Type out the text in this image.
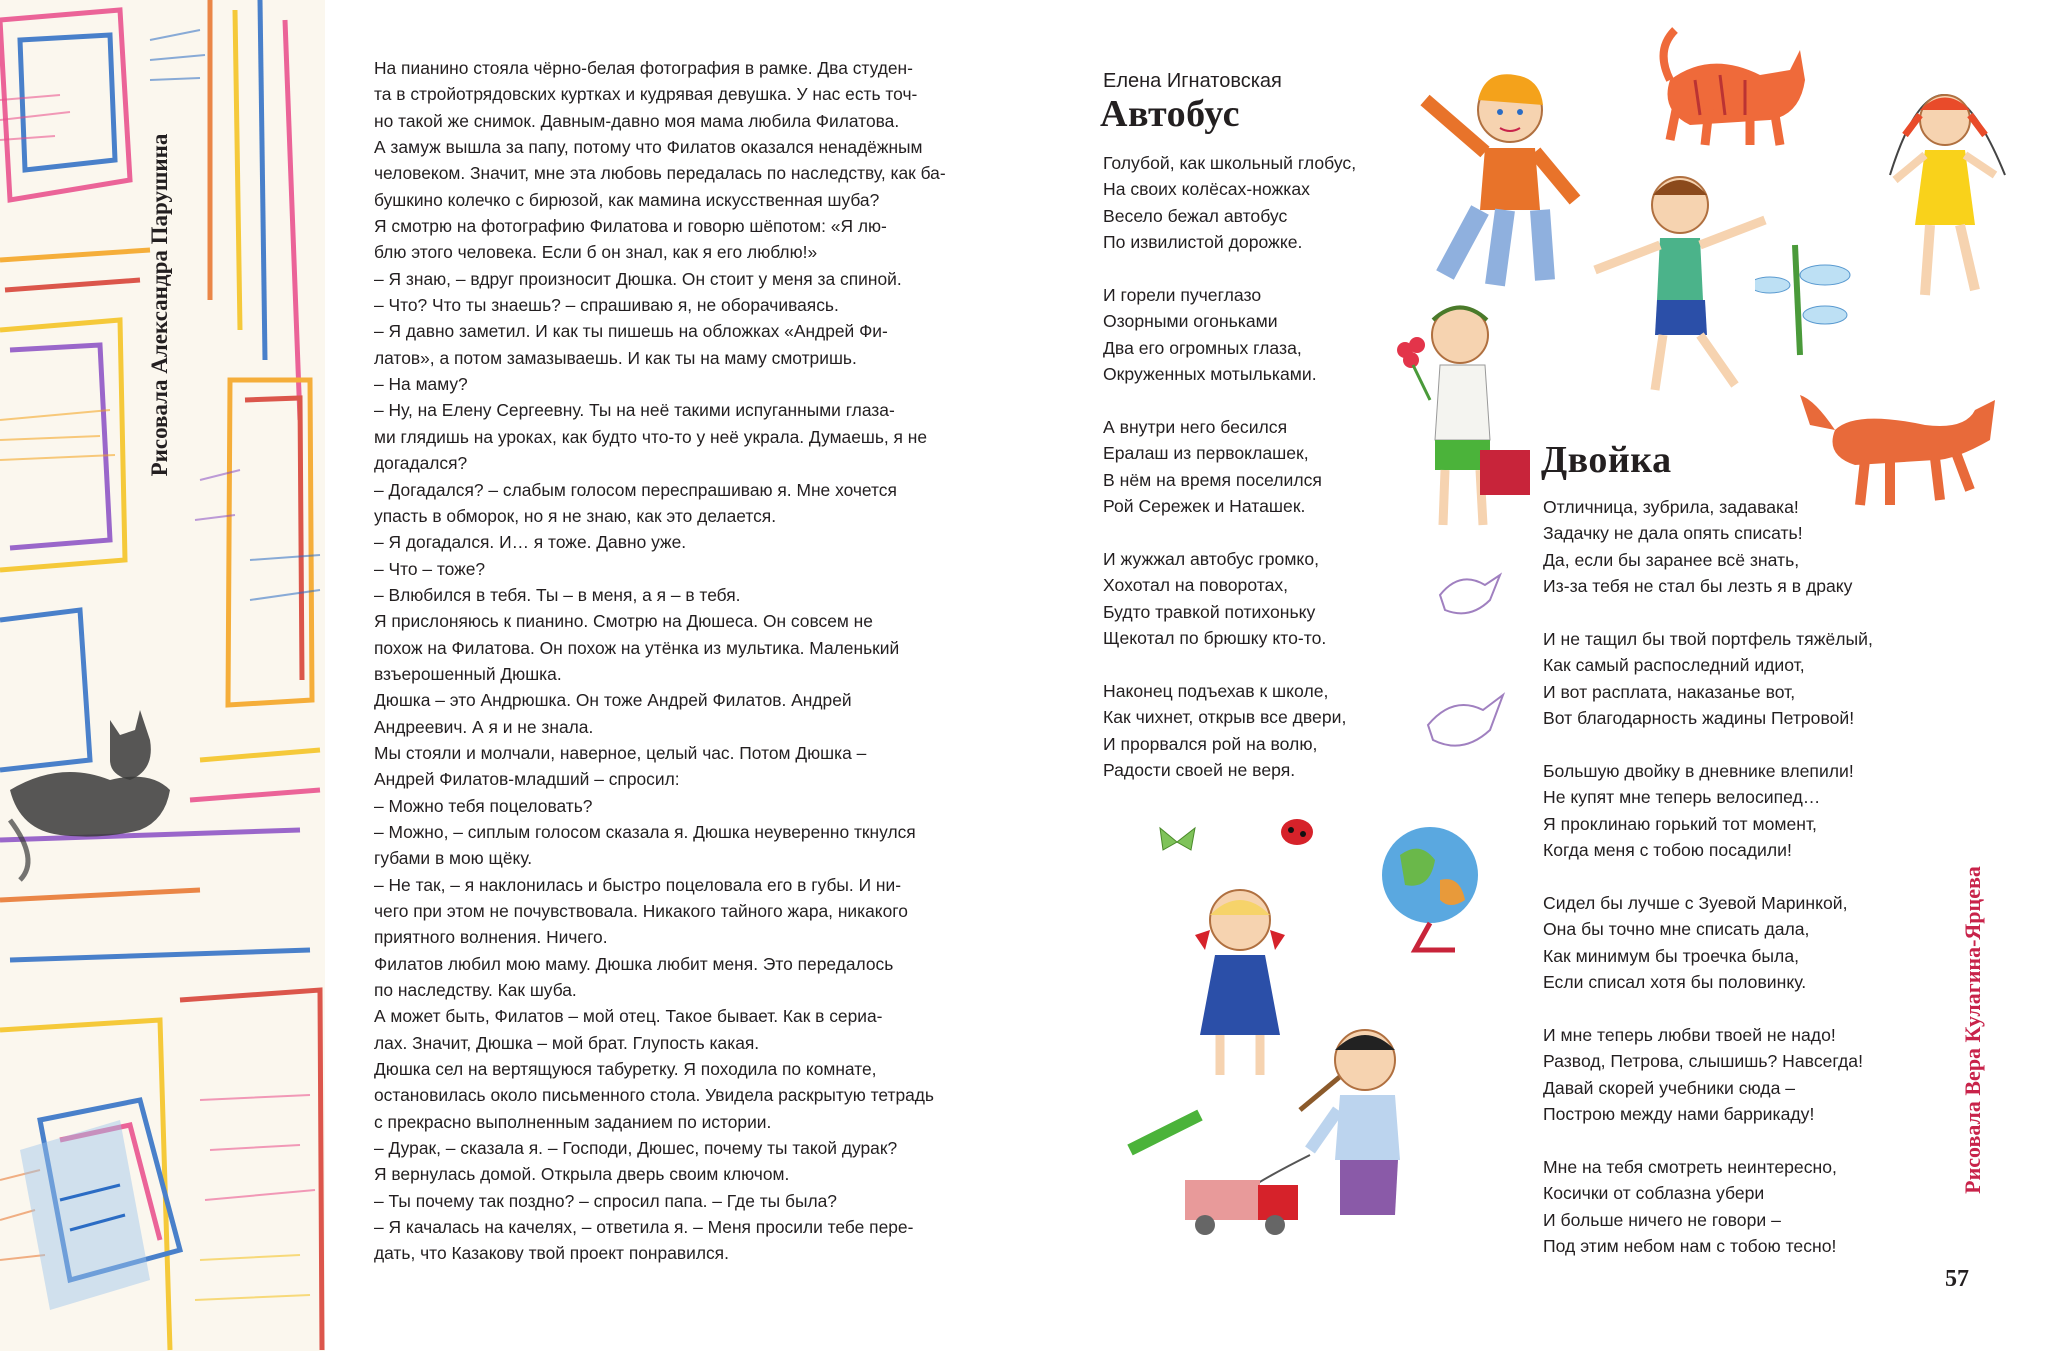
Рисовала Александра Парушина

На пианино стояла чёрно-белая фотография в рамке. Два студен-

та в стройотрядовских куртках и кудрявая девушка. У нас есть точ-

но такой же снимок. Давным-давно моя мама любила Филатова.

А замуж вышла за папу, потому что Филатов оказался ненадёжным

человеком. Значит, мне эта любовь передалась по наследству, как ба-

бушкино колечко с бирюзой, как мамина искусственная шуба?

Я смотрю на фотографию Филатова и говорю шёпотом: «Я лю-

блю этого человека. Если б он знал, как я его люблю!»

– Я знаю, – вдруг произносит Дюшка. Он стоит у меня за спиной.

– Что? Что ты знаешь? – спрашиваю я, не оборачиваясь.

– Я давно заметил. И как ты пишешь на обложках «Андрей Фи-

латов», а потом замазываешь. И как ты на маму смотришь.

– На маму?

– Ну, на Елену Сергеевну. Ты на неё такими испуганными глаза-

ми глядишь на уроках, как будто что-то у неё украла. Думаешь, я не

догадался?

– Догадался? – слабым голосом переспрашиваю я. Мне хочется

упасть в обморок, но я не знаю, как это делается.

– Я догадался. И… я тоже. Давно уже.

– Что – тоже?

– Влюбился в тебя. Ты – в меня, а я – в тебя.

Я прислоняюсь к пианино. Смотрю на Дюшеса. Он совсем не

похож на Филатова. Он похож на утёнка из мультика. Маленький

взъерошенный Дюшка.

Дюшка – это Андрюшка. Он тоже Андрей Филатов. Андрей

Андреевич. А я и не знала.

Мы стояли и молчали, наверное, целый час. Потом Дюшка –

Андрей Филатов-младший – спросил:

– Можно тебя поцеловать?

– Можно, – сиплым голосом сказала я. Дюшка неуверенно ткнулся

губами в мою щёку.

– Не так, – я наклонилась и быстро поцеловала его в губы. И ни-

чего при этом не почувствовала. Никакого тайного жара, никакого

приятного волнения. Ничего.

Филатов любил мою маму. Дюшка любит меня. Это передалось

по наследству. Как шуба.

А может быть, Филатов – мой отец. Такое бывает. Как в сериа-

лах. Значит, Дюшка – мой брат. Глупость какая.

Дюшка сел на вертящуюся табуретку. Я походила по комнате,

остановилась около письменного стола. Увидела раскрытую тетрадь

с прекрасно выполненным заданием по истории.

– Дурак, – сказала я. – Господи, Дюшес, почему ты такой дурак?

Я вернулась домой. Открыла дверь своим ключом.

– Ты почему так поздно? – спросил папа. – Где ты была?

– Я качалась на качелях, – ответила я. – Меня просили тебе пере-

дать, что Казакову твой проект понравился.

Елена Игнатовская
Автобус
Голубой, как школьный глобус,
На своих колёсах-ножках
Весело бежал автобус
По извилистой дорожке.
И горели пучеглазо
Озорными огоньками
Два его огромных глаза,
Окруженных мотыльками.
А внутри него бесился
Ералаш из первоклашек,
В нём на время поселился
Рой Сережек и Наташек.
И жужжал автобус громко,
Хохотал на поворотах,
Будто травкой потихоньку
Щекотал по брюшку кто-то.
Наконец подъехав к школе,
Как чихнет, открыв все двери,
И прорвался рой на волю,
Радости своей не веря.
Двойка
Отличница, зубрила, задавака!
Задачку не дала опять списать!
Да, если бы заранее всё знать,
Из-за тебя не стал бы лезть я в драку
И не тащил бы твой портфель тяжёлый,
Как самый распоследний идиот,
И вот расплата, наказанье вот,
Вот благодарность жадины Петровой!
Большую двойку в дневнике влепили!
Не купят мне теперь велосипед…
Я проклинаю горький тот момент,
Когда меня с тобою посадили!
Сидел бы лучше с Зуевой Маринкой,
Она бы точно мне списать дала,
Как минимум бы троечка была,
Если списал хотя бы половинку.
И мне теперь любви твоей не надо!
Развод, Петрова, слышишь? Навсегда!
Давай скорей учебники сюда –
Построю между нами баррикаду!
Мне на тебя смотреть неинтересно,
Косички от соблазна убери
И больше ничего не говори –
Под этим небом нам с тобою тесно!
Рисовала Вера Кулагина-Ярцева
57
